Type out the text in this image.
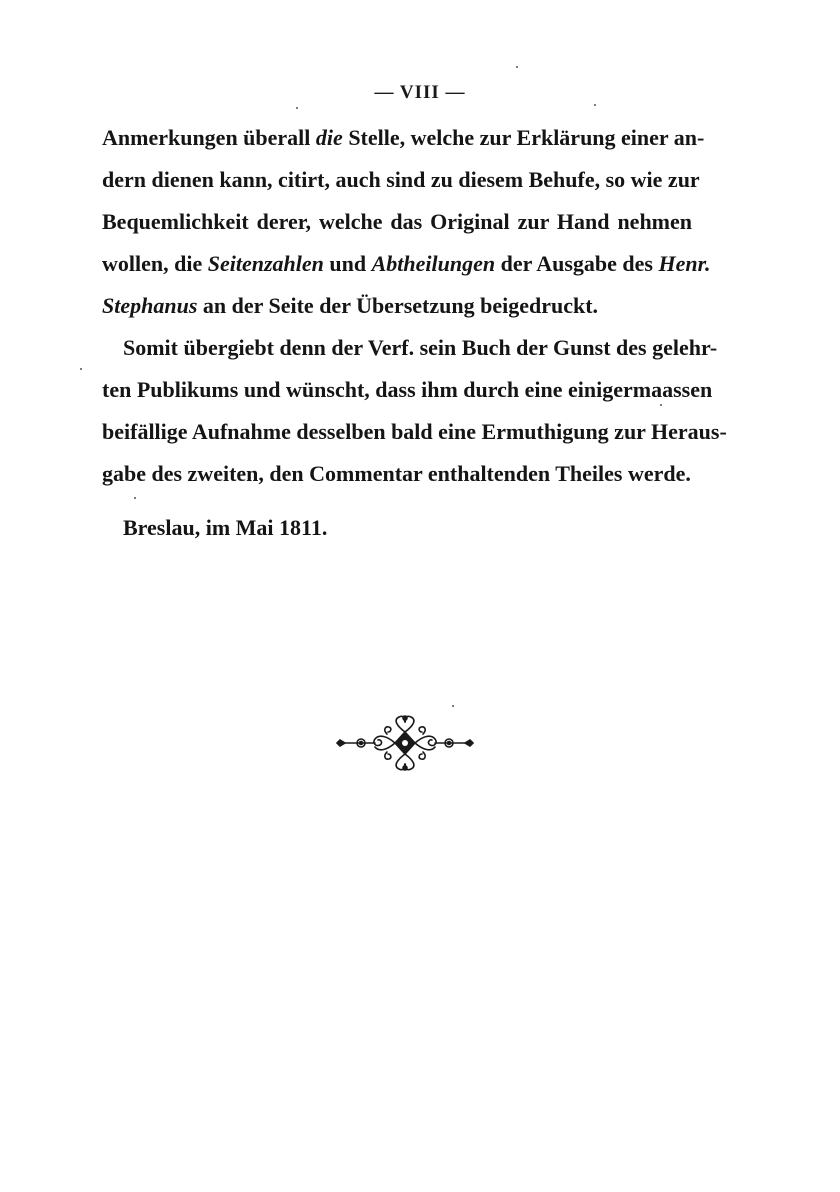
— VIII —
Anmerkungen überall die Stelle, welche zur Erklärung einer an-
dern dienen kann, citirt, auch sind zu diesem Behufe, so wie zur
Bequemlichkeit derer, welche das Original zur Hand nehmen
wollen, die Seitenzahlen und Abtheilungen der Ausgabe des Henr.
Stephanus an der Seite der Übersetzung beigedruckt.
Somit übergiebt denn der Verf. sein Buch der Gunst des gelehr-
ten Publikums und wünscht, dass ihm durch eine einigermaassen
beifällige Aufnahme desselben bald eine Ermuthigung zur Heraus-
gabe des zweiten, den Commentar enthaltenden Theiles werde.
Breslau, im Mai 1811.
